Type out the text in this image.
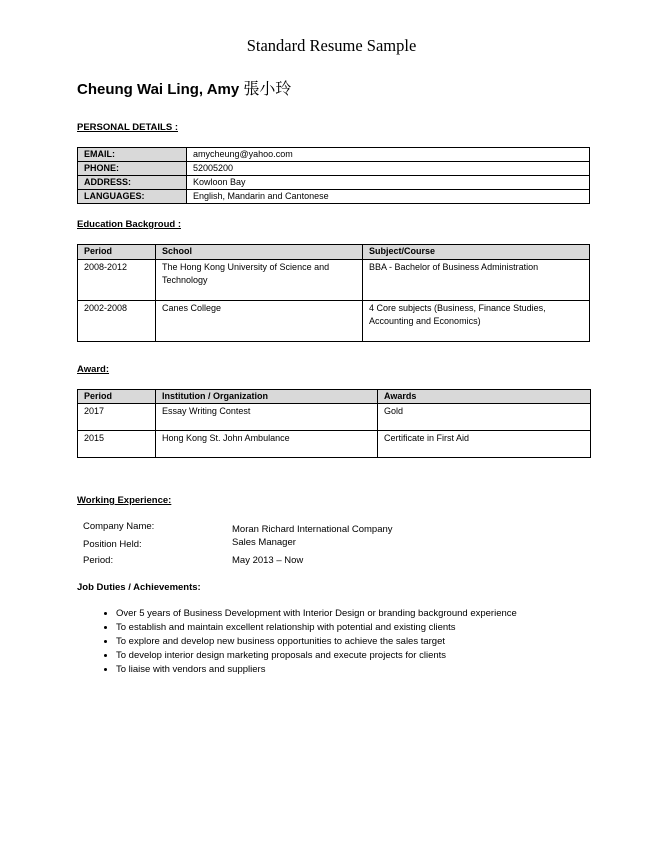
Standard Resume Sample
Cheung Wai Ling, Amy 張小玲
PERSONAL DETAILS :
EMAIL:	amycheung@yahoo.com
PHONE:	52005200
ADDRESS:	Kowloon Bay
LANGUAGES:	English, Mandarin and Cantonese
Education Backgroud :
Period	School	Subject/Course
2008-2012	The Hong Kong University of Science and Technology	BBA - Bachelor of Business Administration
2002-2008	Canes College	4 Core subjects (Business, Finance Studies, Accounting and Economics)
Award:
Period	Institution / Organization	Awards
2017	Essay Writing Contest	Gold
2015	Hong Kong St. John Ambulance	Certificate in First Aid
Working Experience:
Company Name:	Moran Richard International Company
Position Held:	Sales Manager
Period:	May 2013 – Now
Job Duties / Achievements:
• Over 5 years of Business Development with Interior Design or branding background experience
• To establish and maintain excellent relationship with potential and existing clients
• To explore and develop new business opportunities to achieve the sales target
• To develop interior design marketing proposals and execute projects for clients
• To liaise with vendors and suppliers
